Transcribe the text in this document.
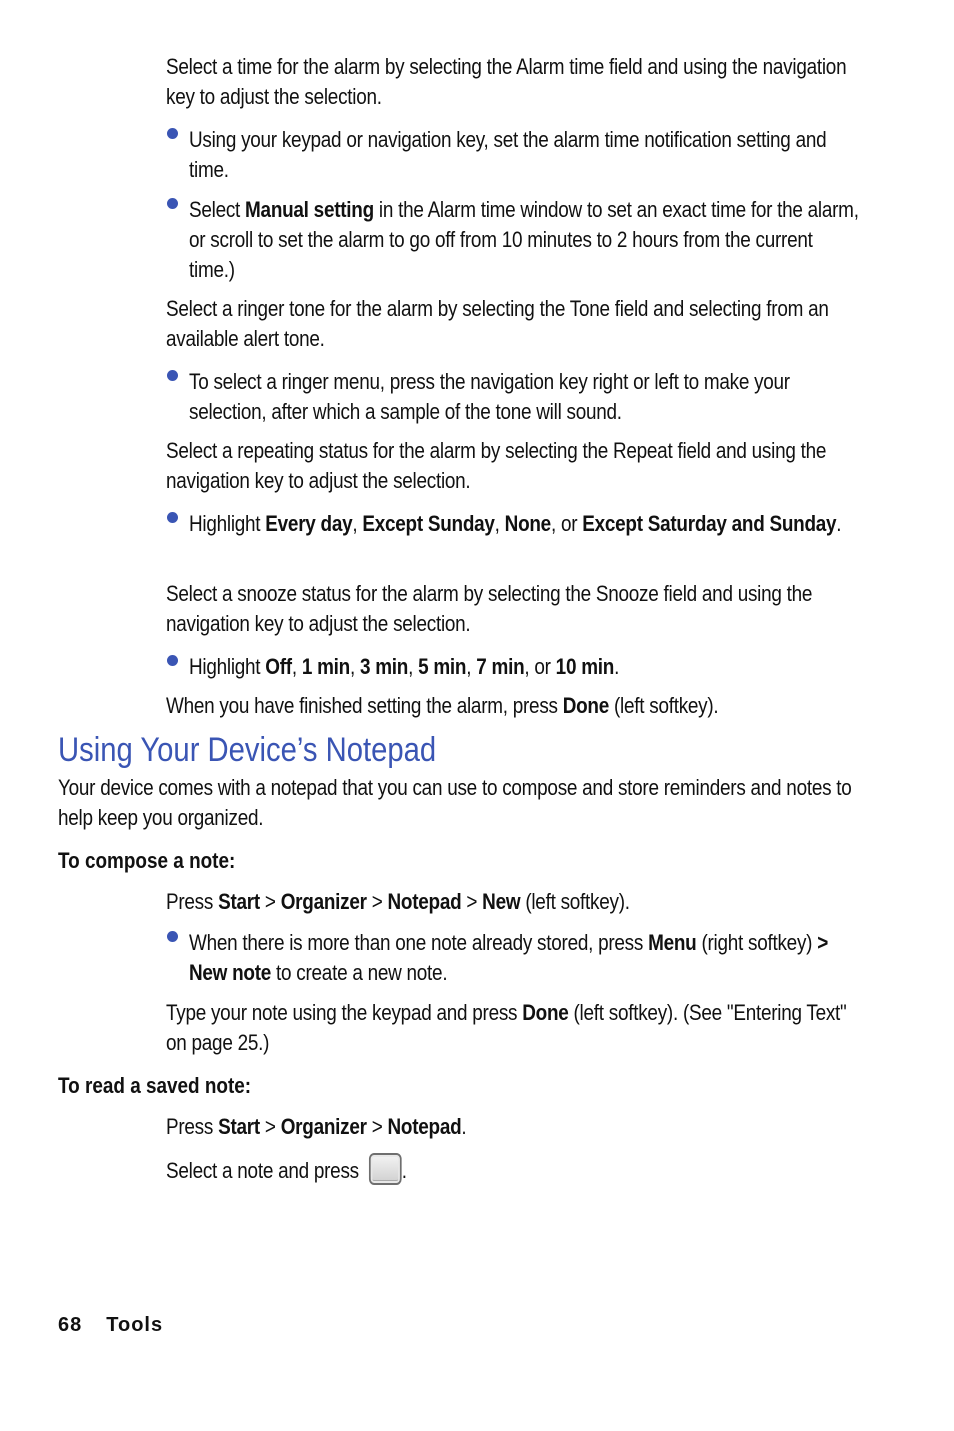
Select a time for the alarm by selecting the Alarm time field and using the navigation key to adjust the selection.

Using your keypad or navigation key, set the alarm time notification setting and time.

Select Manual setting in the Alarm time window to set an exact time for the alarm, or scroll to set the alarm to go off from 10 minutes to 2 hours from the current time.)

Select a ringer tone for the alarm by selecting the Tone field and selecting from an available alert tone.

To select a ringer menu, press the navigation key right or left to make your selection, after which a sample of the tone will sound.

Select a repeating status for the alarm by selecting the Repeat field and using the navigation key to adjust the selection.

Highlight Every day, Except Sunday, None, or Except Saturday and Sunday.

Select a snooze status for the alarm by selecting the Snooze field and using the navigation key to adjust the selection.

Highlight Off, 1 min, 3 min, 5 min, 7 min, or 10 min.

When you have finished setting the alarm, press Done (left softkey).

Using Your Device’s Notepad

Your device comes with a notepad that you can use to compose and store reminders and notes to help keep you organized.

To compose a note:

Press Start > Organizer > Notepad > New (left softkey).

When there is more than one note already stored, press Menu (right softkey) > New note to create a new note.

Type your note using the keypad and press Done (left softkey). (See "Entering Text" on page 25.)

To read a saved note:

Press Start > Organizer > Notepad.

Select a note and press .

68 Tools
